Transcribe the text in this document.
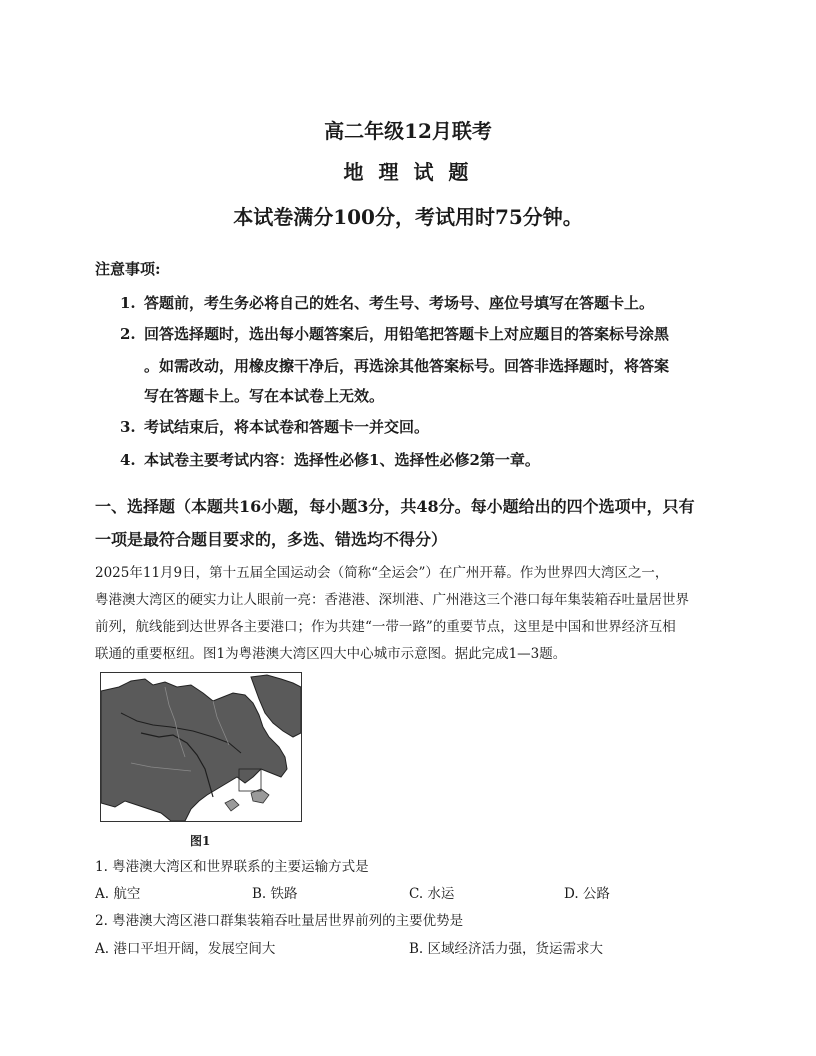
高二年级12月联考
地 理 试 题
本试卷满分100分，考试用时75分钟。
注意事项:
1. 答题前，考生务必将自己的姓名、考生号、考场号、座位号填写在答题卡上。
2. 回答选择题时，选出每小题答案后，用铅笔把答题卡上对应题目的答案标号涂黑
。如需改动，用橡皮擦干净后，再选涂其他答案标号。回答非选择题时，将答案
写在答题卡上。写在本试卷上无效。
3. 考试结束后，将本试卷和答题卡一并交回。
4. 本试卷主要考试内容：选择性必修1、选择性必修2第一章。
一、选择题（本题共16小题，每小题3分，共48分。每小题给出的四个选项中，只有
一项是最符合题目要求的，多选、错选均不得分）
2025年11月9日，第十五届全国运动会（简称“全运会”）在广州开幕。作为世界四大湾区之一，
粤港澳大湾区的硬实力让人眼前一亮：香港港、深圳港、广州港这三个港口每年集装箱吞吐量居世界
前列，航线能到达世界各主要港口；作为共建“一带一路”的重要节点，这里是中国和世界经济互相
联通的重要枢纽。图1为粤港澳大湾区四大中心城市示意图。据此完成1—3题。
图1
1. 粤港澳大湾区和世界联系的主要运输方式是
A. 航空	B. 铁路	C. 水运	D. 公路
2. 粤港澳大湾区港口群集装箱吞吐量居世界前列的主要优势是
A. 港口平坦开阔，发展空间大	B. 区域经济活力强，货运需求大
